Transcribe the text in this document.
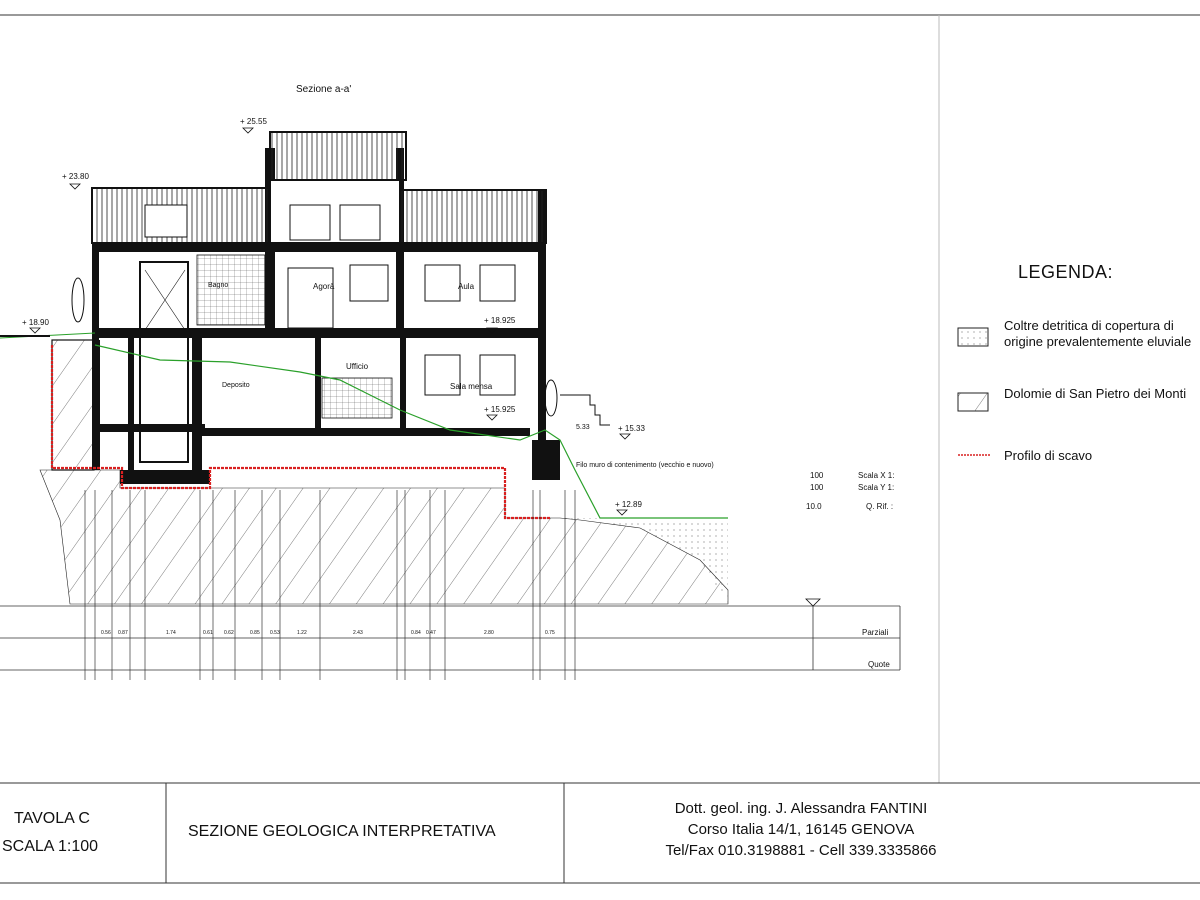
Sezione a-a'
+ 25.55
+ 23.80
+ 18.90	+ 18.925
+ 15.925
+ 15.33
+ 12.89
5.33
Agorà	Aula
Bagno
Ufficio
Sala mensa
Deposito
Filo muro di contenimento (vecchio e nuovo)
100	Scala X 1:
100	Scala Y 1:
10.0	Q. Rif. :
Parziali
Quote
0.56 0.87	1.74	0.61 0.62	0.85 0.53	1.22	2.43	0.84 0.47	2.80	0.75
LEGENDA:
Coltre detritica di copertura di origine prevalentemente eluviale
Dolomie di San Pietro dei Monti
Profilo di scavo
TAVOLA C
SCALA 1:100
SEZIONE GEOLOGICA INTERPRETATIVA
Dott. geol. ing. J. Alessandra FANTINI
Corso Italia 14/1, 16145 GENOVA
Tel/Fax 010.3198881 - Cell 339.3335866
